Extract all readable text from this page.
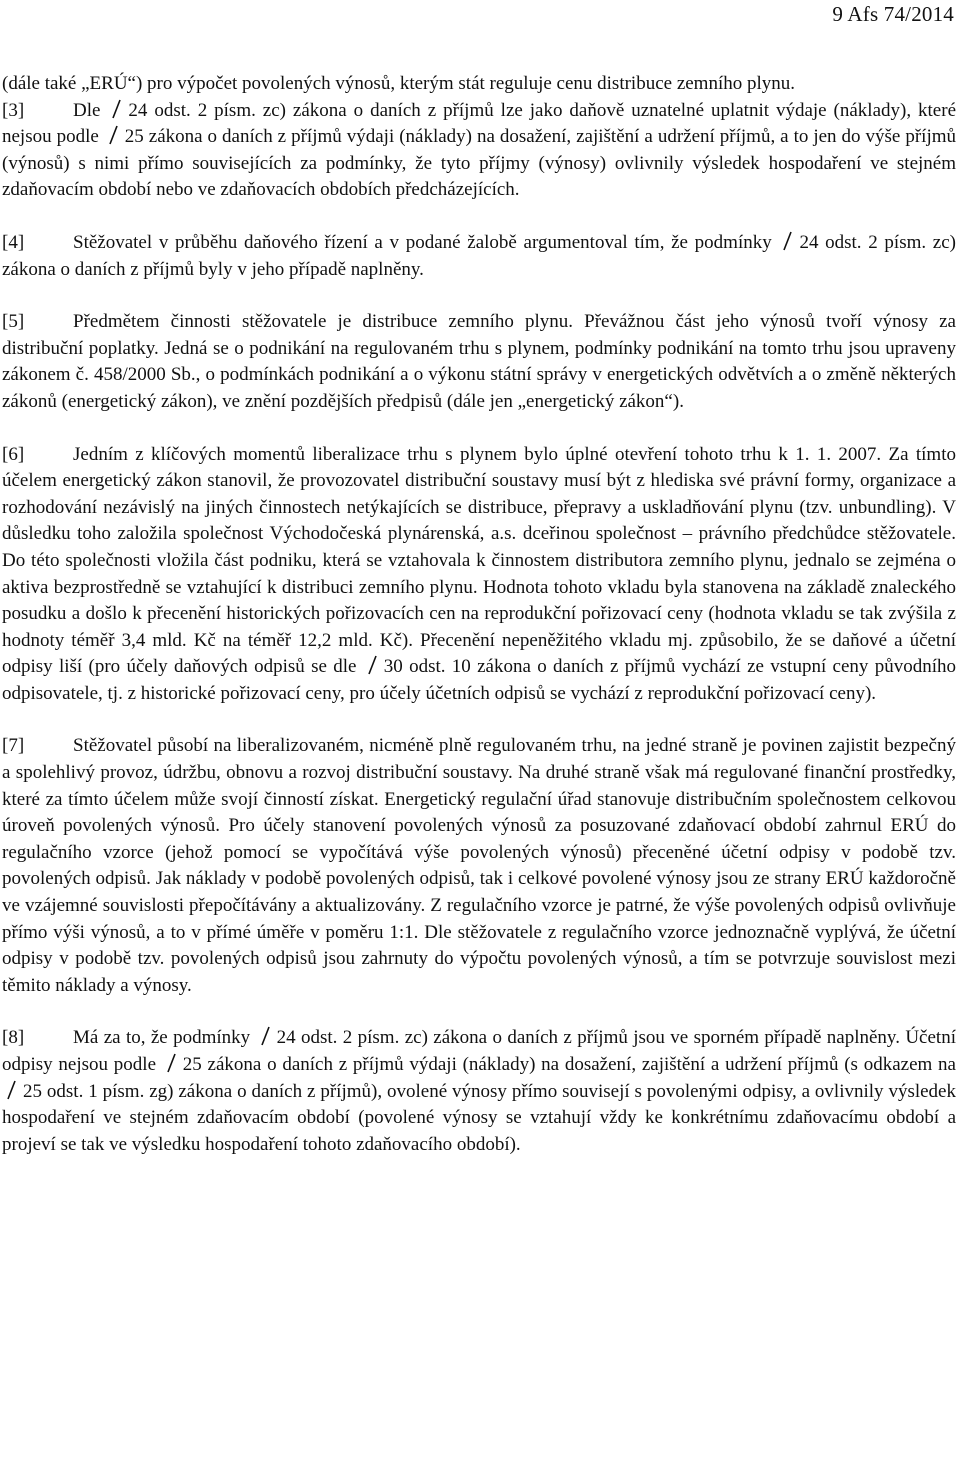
9 Afs 74/2014

(dále také „ERÚ“) pro výpočet povolených výnosů, kterým stát reguluje cenu distribuce zemního plynu.

[3]	Dle
24 odst. 2 písm. zc) zákona o daních z příjmů lze jako daňově uznatelné uplatnit výdaje (náklady), které nejsou podle
25 zákona o daních z příjmů výdaji (náklady) na dosažení, zajištění a udržení příjmů, a to jen do výše příjmů (výnosů) s nimi přímo souvisejících za podmínky, že tyto příjmy (výnosy) ovlivnily výsledek hospodaření ve stejném zdaňovacím období nebo ve zdaňovacích obdobích předcházejících.

[4]	Stěžovatel v průběhu daňového řízení a v podané žalobě argumentoval tím, že podmínky
24 odst. 2 písm. zc) zákona o daních z příjmů byly v jeho případě naplněny.

[5]	Předmětem činnosti stěžovatele je distribuce zemního plynu. Převážnou část jeho výnosů tvoří výnosy za distribuční poplatky. Jedná se o podnikání na regulovaném trhu s plynem, podmínky podnikání na tomto trhu jsou upraveny zákonem č. 458/2000 Sb., o podmínkách podnikání a o výkonu státní správy v energetických odvětvích a o změně některých zákonů (energetický zákon), ve znění pozdějších předpisů (dále jen „energetický zákon“).

[6]	Jedním z klíčových momentů liberalizace trhu s plynem bylo úplné otevření tohoto trhu k 1. 1. 2007. Za tímto účelem energetický zákon stanovil, že provozovatel distribuční soustavy musí být z hlediska své právní formy, organizace a rozhodování nezávislý na jiných činnostech netýkajících se distribuce, přepravy a uskladňování plynu (tzv. unbundling). V důsledku toho založila společnost Východočeská plynárenská, a.s. dceřinou společnost – právního předchůdce stěžovatele. Do této společnosti vložila část podniku, která se vztahovala k činnostem distributora zemního plynu, jednalo se zejména o aktiva bezprostředně se vztahující k distribuci zemního plynu. Hodnota tohoto vkladu byla stanovena na základě znaleckého posudku a došlo k přecenění historických pořizovacích cen na reprodukční pořizovací ceny (hodnota vkladu se tak zvýšila z hodnoty téměř 3,4 mld. Kč na téměř 12,2 mld. Kč). Přecenění nepeněžitého vkladu mj. způsobilo, že se daňové a účetní odpisy liší (pro účely daňových odpisů se dle
30 odst. 10 zákona o daních z příjmů vychází ze vstupní ceny původního odpisovatele, tj. z historické pořizovací ceny, pro účely účetních odpisů se vychází z reprodukční pořizovací ceny).

[7]	Stěžovatel působí na liberalizovaném, nicméně plně regulovaném trhu, na jedné straně je povinen zajistit bezpečný a spolehlivý provoz, údržbu, obnovu a rozvoj distribuční soustavy. Na druhé straně však má regulované finanční prostředky, které za tímto účelem může svojí činností získat. Energetický regulační úřad stanovuje distribučním společnostem celkovou úroveň povolených výnosů. Pro účely stanovení povolených výnosů za posuzované zdaňovací období zahrnul ERÚ do regulačního vzorce (jehož pomocí se vypočítává výše povolených výnosů) přeceněné účetní odpisy v podobě tzv. povolených odpisů. Jak náklady v podobě povolených odpisů, tak i celkové povolené výnosy jsou ze strany ERÚ každoročně ve vzájemné souvislosti přepočítávány a aktualizovány. Z regulačního vzorce je patrné, že výše povolených odpisů ovlivňuje přímo výši výnosů, a to v přímé úměře v poměru 1:1. Dle stěžovatele z regulačního vzorce jednoznačně vyplývá, že účetní odpisy v podobě tzv. povolených odpisů jsou zahrnuty do výpočtu povolených výnosů, a tím se potvrzuje souvislost mezi těmito náklady a výnosy.

[8]	Má za to, že podmínky
24 odst. 2 písm. zc) zákona o daních z příjmů jsou ve sporném případě naplněny. Účetní odpisy nejsou podle
25 zákona o daních z příjmů výdaji (náklady) na dosažení, zajištění a udržení příjmů (s odkazem na
25 odst. 1 písm. zg) zákona o daních z příjmů), ovolené výnosy přímo souvisejí s povolenými odpisy, a ovlivnily výsledek hospodaření ve stejném zdaňovacím období (povolené výnosy se vztahují vždy ke konkrétnímu zdaňovacímu období a projeví se tak ve výsledku hospodaření tohoto zdaňovacího období).
